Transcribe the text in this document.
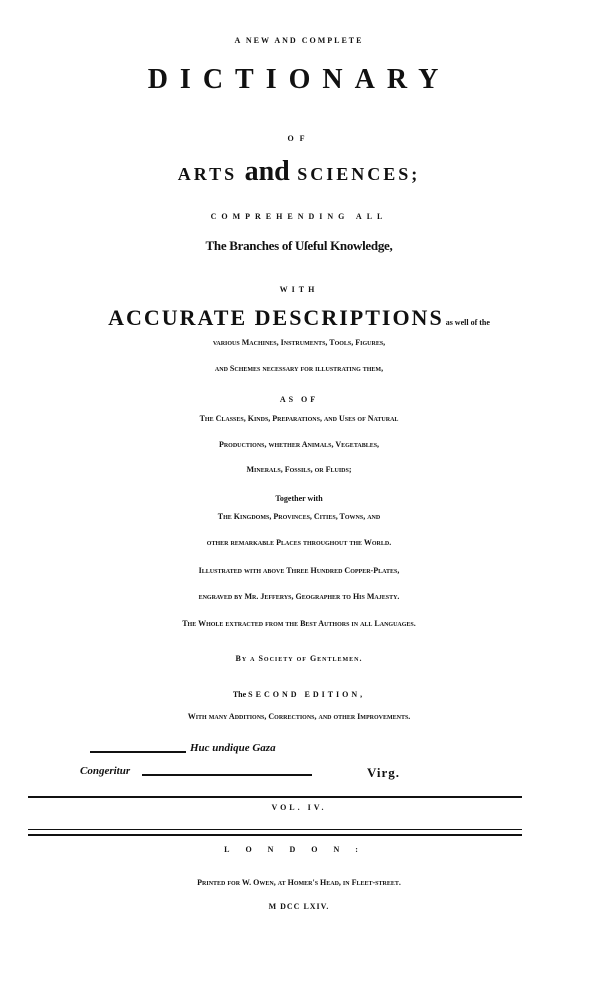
A NEW AND COMPLETE
DICTIONARY
OF
ARTS and SCIENCES;
COMPREHENDING ALL
The Branches of Uſeful Knowledge,
WITH
ACCURATE DESCRIPTIONS as well of the
various Machines, Instruments, Tools, Figures,
and Schemes neceſſary for illuſtrating them,
AS OF
The Claſſes, Kinds, Preparations, and Uſes of Natural
Productions, whether Animals, Vegetables,
Minerals, Fossils, or Fluids;
Together with
The Kingdoms, Provinces, Cities, Towns, and
other remarkable Places throughout the World.
Illuſtrated with above Three Hundred Copper-Plates,
engraved by Mr. Jefferys, Geographer to His Majesty.
The Whole extracted from the Beſt Authors in all Languages.
By a Society of Gentlemen.
The SECOND EDITION,
With many Additions, Corrections, and other Improvements.
Huc undique Gaza
Congeritur	Virg.
VOL. IV.
LONDON:
Printed for W. Owen, at Homer's Head, in Fleet-ſtreet.
M DCC LXIV.
